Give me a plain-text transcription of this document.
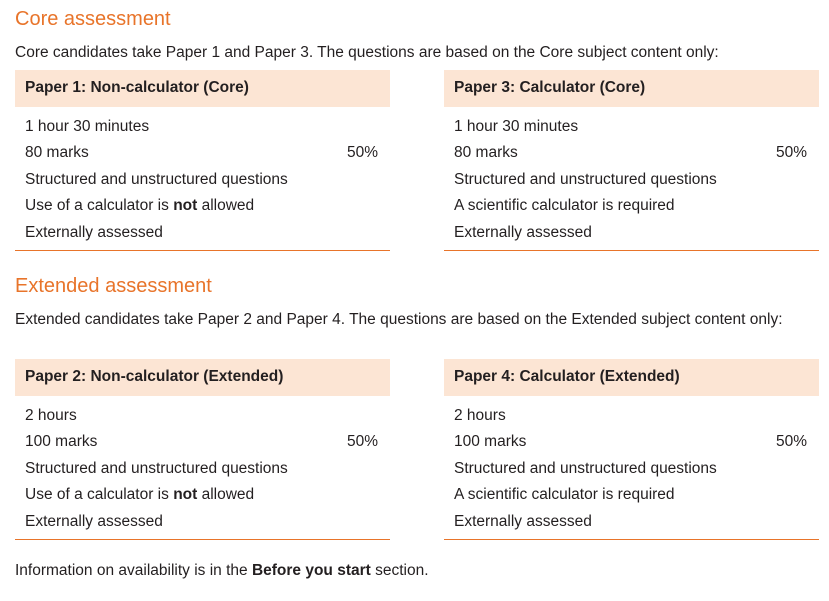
Core assessment

Core candidates take Paper 1 and Paper 3. The questions are based on the Core subject content only:

Paper 1: Non-calculator (Core)
1 hour 30 minutes
80 marks	50%
Structured and unstructured questions
Use of a calculator is not allowed
Externally assessed
Paper 3: Calculator (Core)
1 hour 30 minutes
80 marks	50%
Structured and unstructured questions
A scientific calculator is required
Externally assessed
Extended assessment

Extended candidates take Paper 2 and Paper 4. The questions are based on the Extended subject content only:

Paper 2: Non-calculator (Extended)
2 hours
100 marks	50%
Structured and unstructured questions
Use of a calculator is not allowed
Externally assessed
Paper 4: Calculator (Extended)
2 hours
100 marks	50%
Structured and unstructured questions
A scientific calculator is required
Externally assessed

Information on availability is in the Before you start section.
